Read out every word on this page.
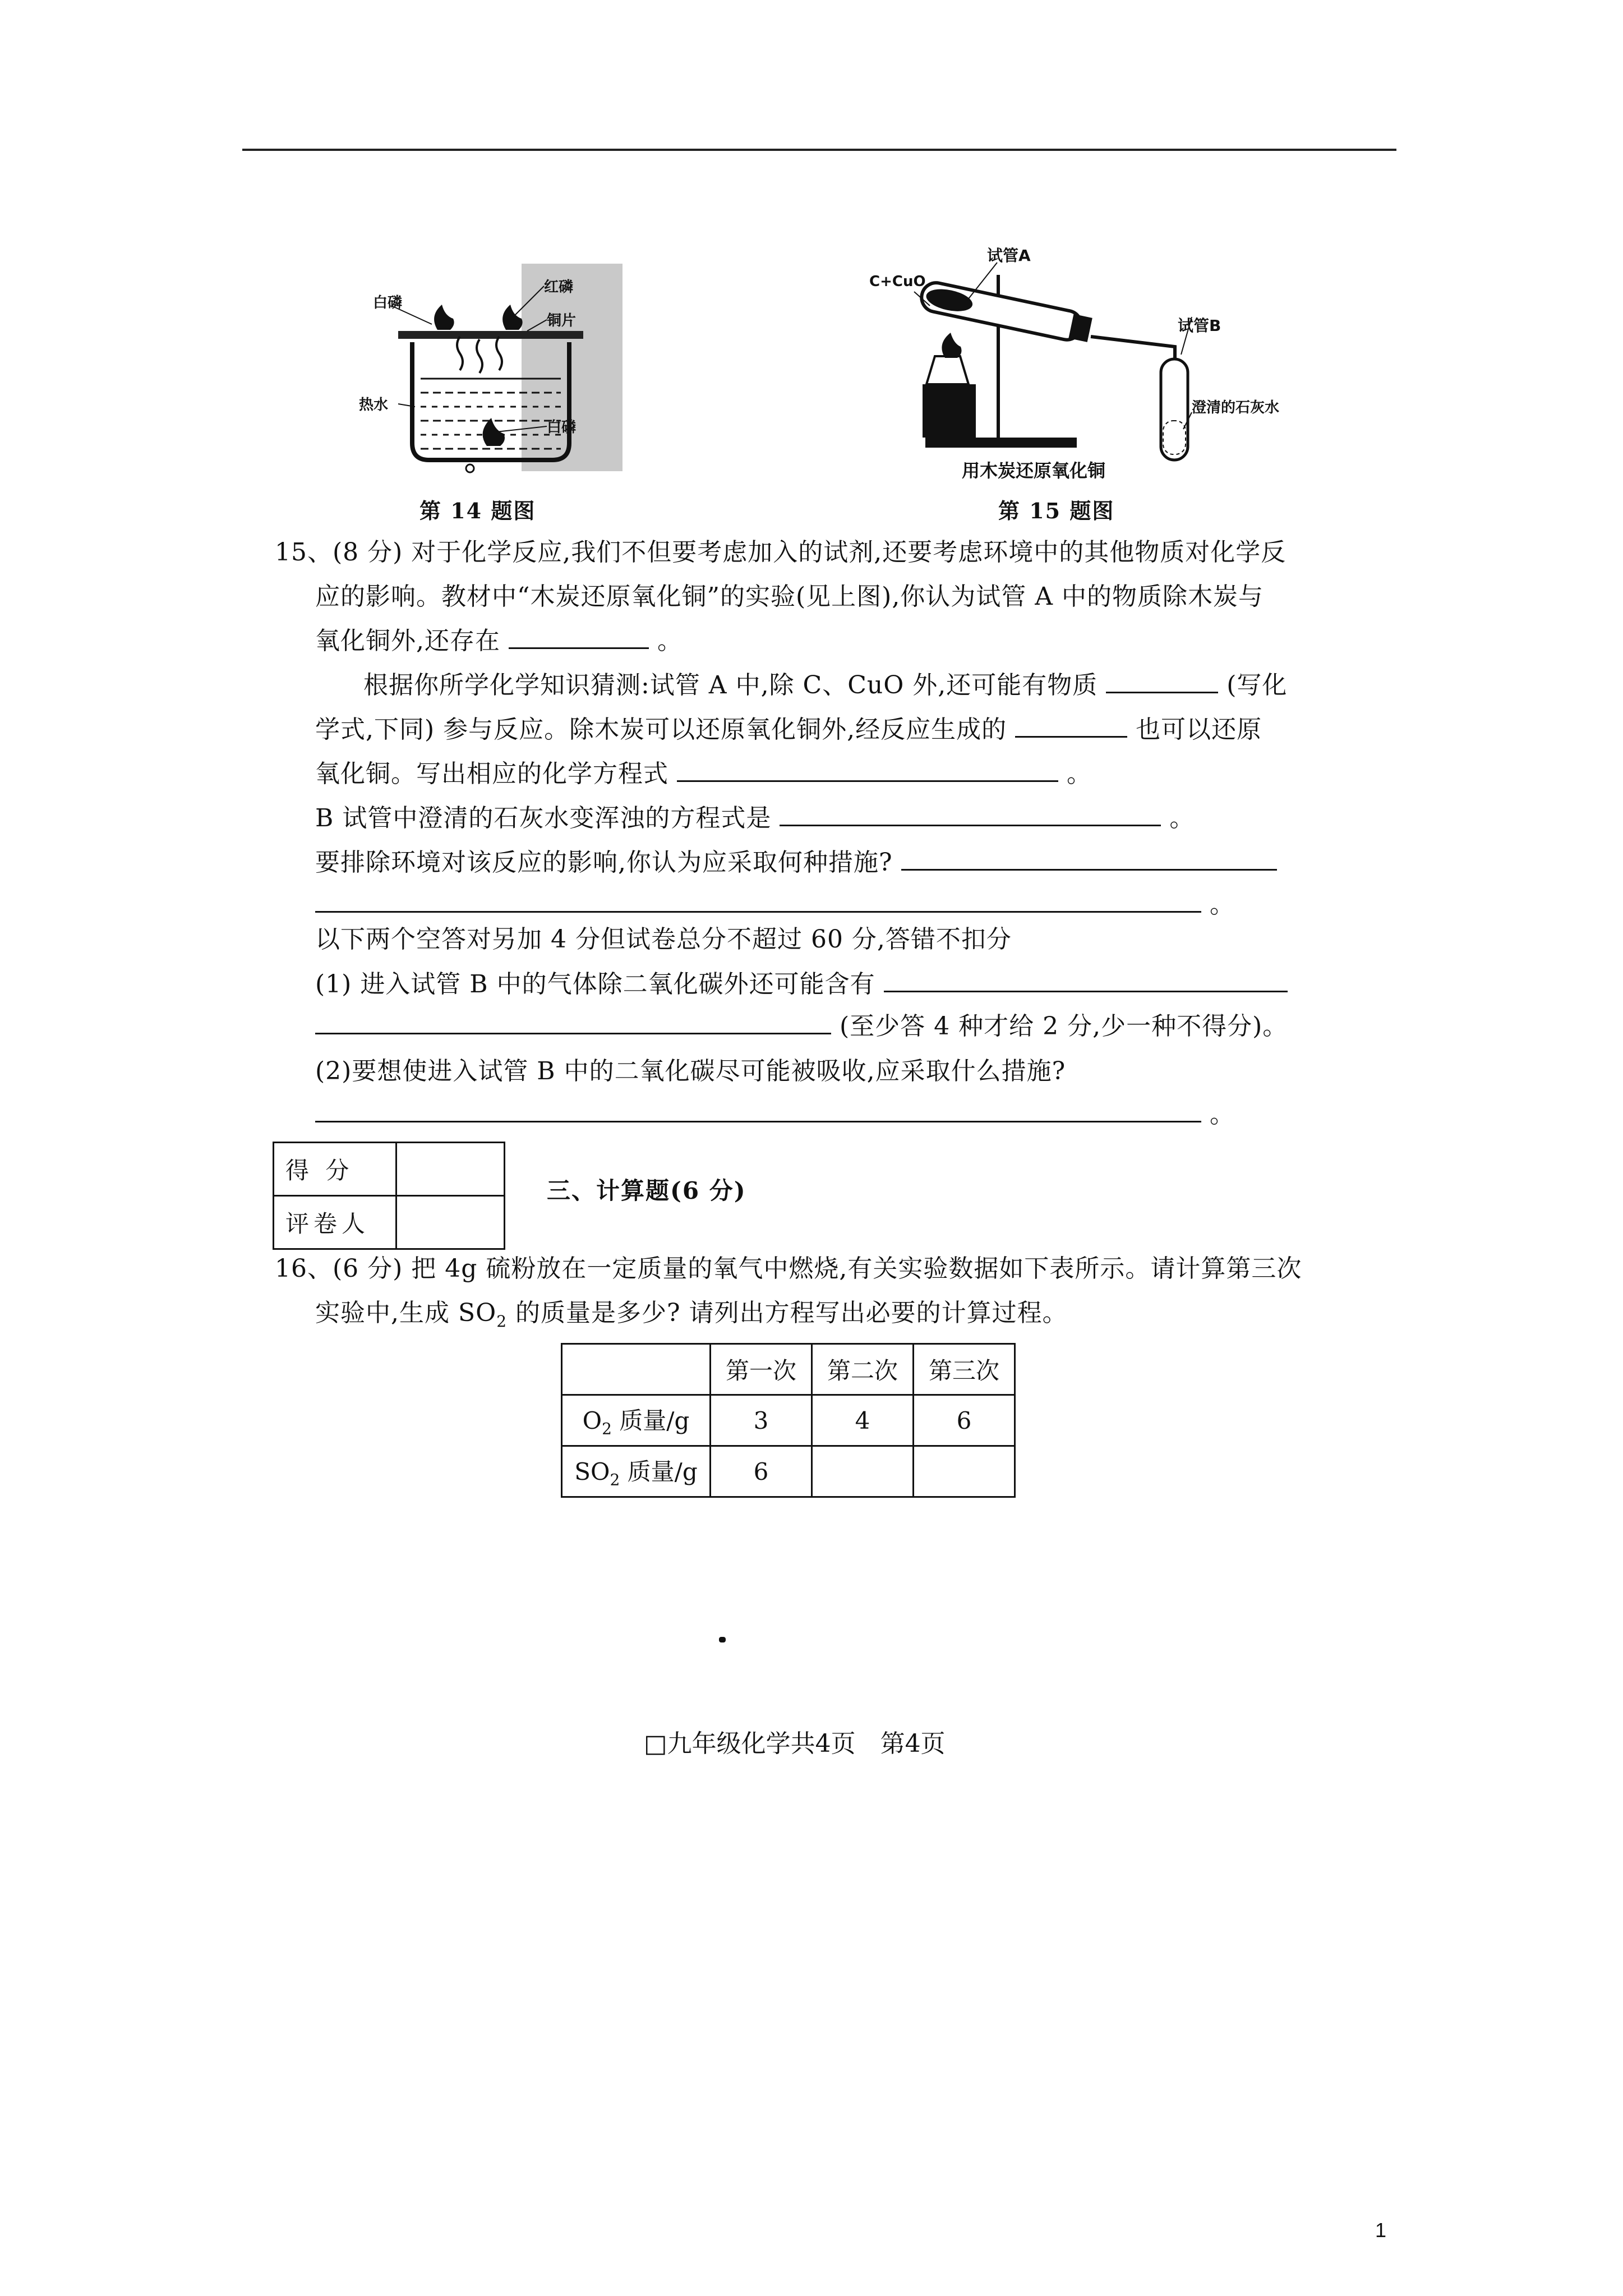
白磷
红磷
铜片
热水
白磷
第 14 题图
试管A
C+CuO
试管B
澄清的石灰水
用木炭还原氧化铜
第 15 题图
15、(8 分) 对于化学反应,我们不但要考虑加入的试剂,还要考虑环境中的其他物质对化学反
应的影响。教材中“木炭还原氧化铜”的实验(见上图),你认为试管 A 中的物质除木炭与
氧化铜外,还存在	。
根据你所学化学知识猜测:试管 A 中,除 C、CuO 外,还可能有物质	(写化
学式,下同) 参与反应。除木炭可以还原氧化铜外,经反应生成的	也可以还原
氧化铜。写出相应的化学方程式	。
B 试管中澄清的石灰水变浑浊的方程式是	。
要排除环境对该反应的影响,你认为应采取何种措施?
。
以下两个空答对另加 4 分但试卷总分不超过 60 分,答错不扣分
(1) 进入试管 B 中的气体除二氧化碳外还可能含有
(至少答 4 种才给 2 分,少一种不得分)。
(2)要想使进入试管 B 中的二氧化碳尽可能被吸收,应采取什么措施?
。
得 分	
评卷人	
三、计算题(6 分)
16、(6 分) 把 4g 硫粉放在一定质量的氧气中燃烧,有关实验数据如下表所示。请计算第三次
实验中,生成 $SO_2$ 的质量是多少? 请列出方程写出必要的计算过程。
	第一次	第二次	第三次
$O_2$ 质量/g	3	4	6
$SO_2$ 质量/g	6		
□九年级化学共4页　第4页
1
